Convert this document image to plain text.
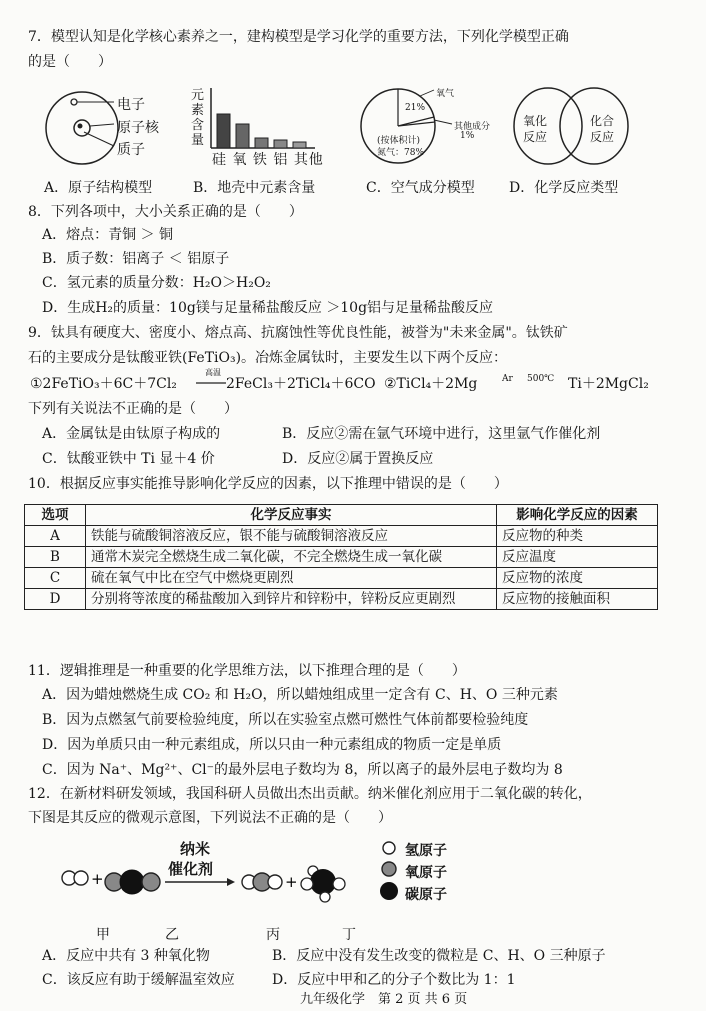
7．模型认知是化学核心素养之一，建构模型是学习化学的重要方法，下列化学模型正确
的是（　　）
电子
原子核
质子
元素含量
硅 氧 铁 铝 其他
氧气
21%
其他成分
1%
(按体积计)
氮气：78%
氧化
反应
化合
反应
A．原子结构模型	B．地壳中元素含量	C．空气成分模型 D．化学反应类型
8．下列各项中，大小关系正确的是（　　）
A．熔点：青铜 ＞ 铜
B．质子数：铝离子 ＜ 铝原子
C．氢元素的质量分数：H₂O＞H₂O₂
D．生成H₂的质量：10g镁与足量稀盐酸反应 ＞10g铝与足量稀盐酸反应
9．钛具有硬度大、密度小、熔点高、抗腐蚀性等优良性能，被誉为"未来金属"。钛铁矿
石的主要成分是钛酸亚铁(FeTiO₃)。冶炼金属钛时，主要发生以下两个反应：
①2FeTiO₃＋6C＋7Cl₂
高温
2FeCl₃＋2TiCl₄＋6CO ②TiCl₄＋2Mg	Ar 500℃ Ti＋2MgCl₂
下列有关说法不正确的是（　　）
A．金属钛是由钛原子构成的	B．反应②需在氩气环境中进行，这里氩气作催化剂
C．钛酸亚铁中 Ti 显＋4 价	D．反应②属于置换反应
10．根据反应事实能推导影响化学反应的因素，以下推理中错误的是（　　）
选项	化学反应事实	影响化学反应的因素
A	铁能与硫酸铜溶液反应，银不能与硫酸铜溶液反应	反应物的种类
B	通常木炭完全燃烧生成二氧化碳，不完全燃烧生成一氧化碳	反应温度
C	硫在氧气中比在空气中燃烧更剧烈	反应物的浓度
D	分别将等浓度的稀盐酸加入到锌片和锌粉中，锌粉反应更剧烈	反应物的接触面积
11．逻辑推理是一种重要的化学思维方法，以下推理合理的是（　　）
A．因为蜡烛燃烧生成 CO₂ 和 H₂O，所以蜡烛组成里一定含有 C、H、O 三种元素
B．因为点燃氢气前要检验纯度，所以在实验室点燃可燃性气体前都要检验纯度
D．因为单质只由一种元素组成，所以只由一种元素组成的物质一定是单质
C．因为 Na⁺、Mg²⁺、Cl⁻的最外层电子数均为 8，所以离子的最外层电子数均为 8
12．在新材料研发领域，我国科研人员做出杰出贡献。纳米催化剂应用于二氧化碳的转化，
下图是其反应的微观示意图，下列说法不正确的是（　　）
纳米
催化剂
+	+
氢原子
氧原子
碳原子
甲	乙	丙	丁
A．反应中共有 3 种氧化物	B．反应中没有发生改变的微粒是 C、H、O 三种原子
C．该反应有助于缓解温室效应	D．反应中甲和乙的分子个数比为 1：1
九年级化学　第 2 页 共 6 页
